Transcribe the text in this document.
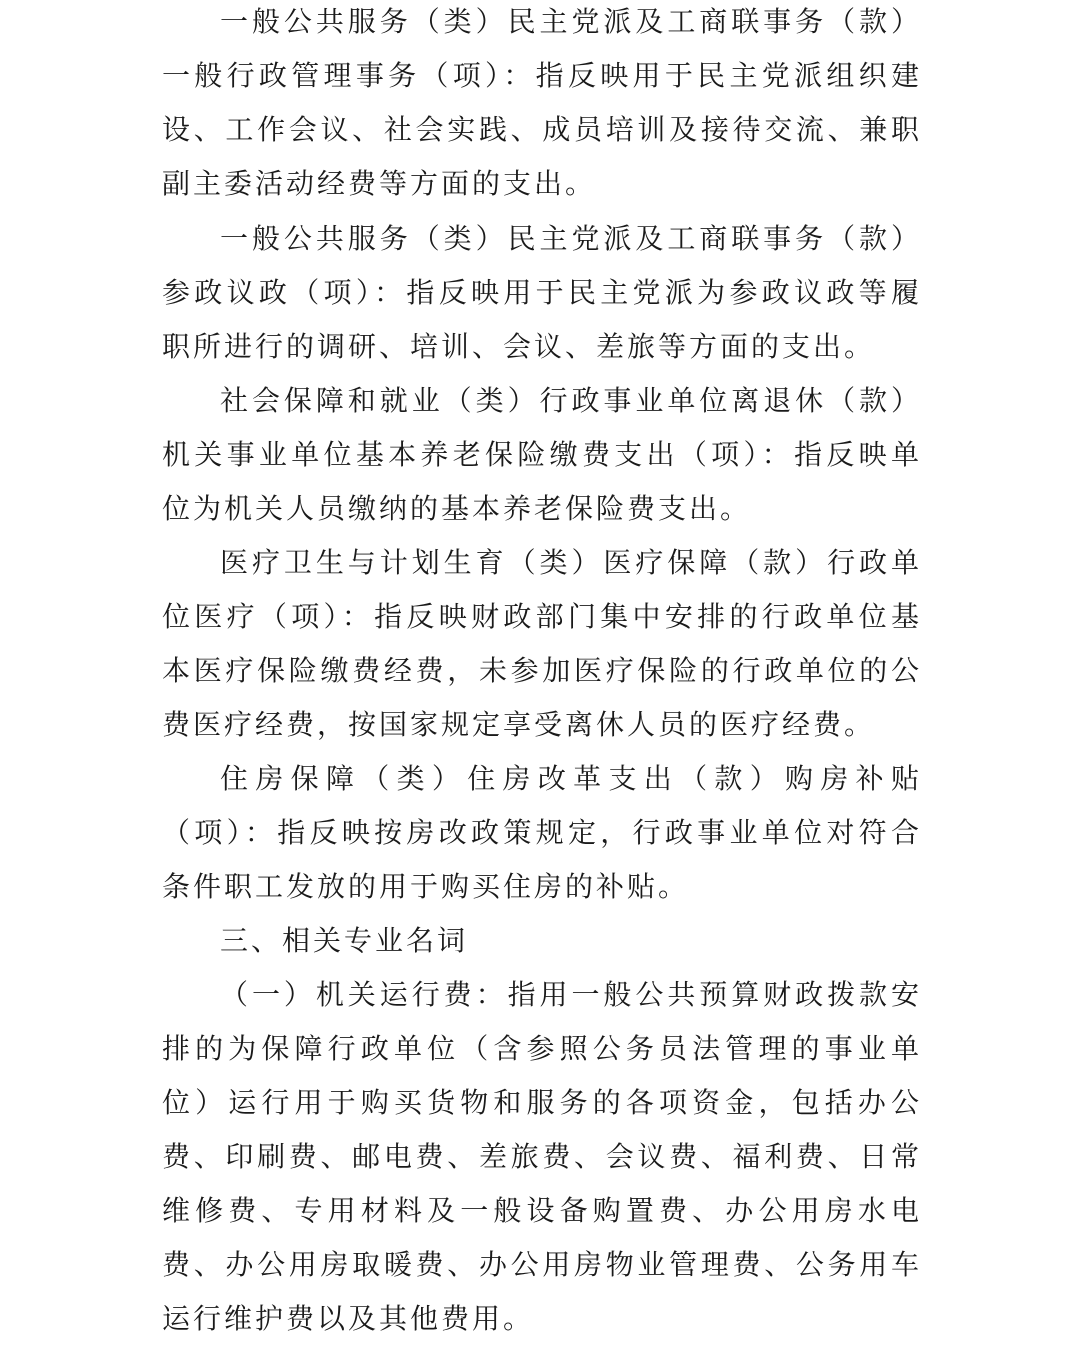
一般公共服务（类）民主党派及工商联事务（款）一般行政管理事务（项）：指反映用于民主党派组织建设、工作会议、社会实践、成员培训及接待交流、兼职副主委活动经费等方面的支出。

一般公共服务（类）民主党派及工商联事务（款）参政议政（项）：指反映用于民主党派为参政议政等履职所进行的调研、培训、会议、差旅等方面的支出。

社会保障和就业（类）行政事业单位离退休（款）机关事业单位基本养老保险缴费支出（项）：指反映单位为机关人员缴纳的基本养老保险费支出。

医疗卫生与计划生育（类）医疗保障（款）行政单位医疗（项）：指反映财政部门集中安排的行政单位基本医疗保险缴费经费，未参加医疗保险的行政单位的公费医疗经费，按国家规定享受离休人员的医疗经费。

住房保障（类）住房改革支出（款）购房补贴（项）：指反映按房改政策规定，行政事业单位对符合条件职工发放的用于购买住房的补贴。

三、相关专业名词

（一）机关运行费：指用一般公共预算财政拨款安排的为保障行政单位（含参照公务员法管理的事业单位）运行用于购买货物和服务的各项资金，包括办公费、印刷费、邮电费、差旅费、会议费、福利费、日常维修费、专用材料及一般设备购置费、办公用房水电费、办公用房取暖费、办公用房物业管理费、公务用车运行维护费以及其他费用。
